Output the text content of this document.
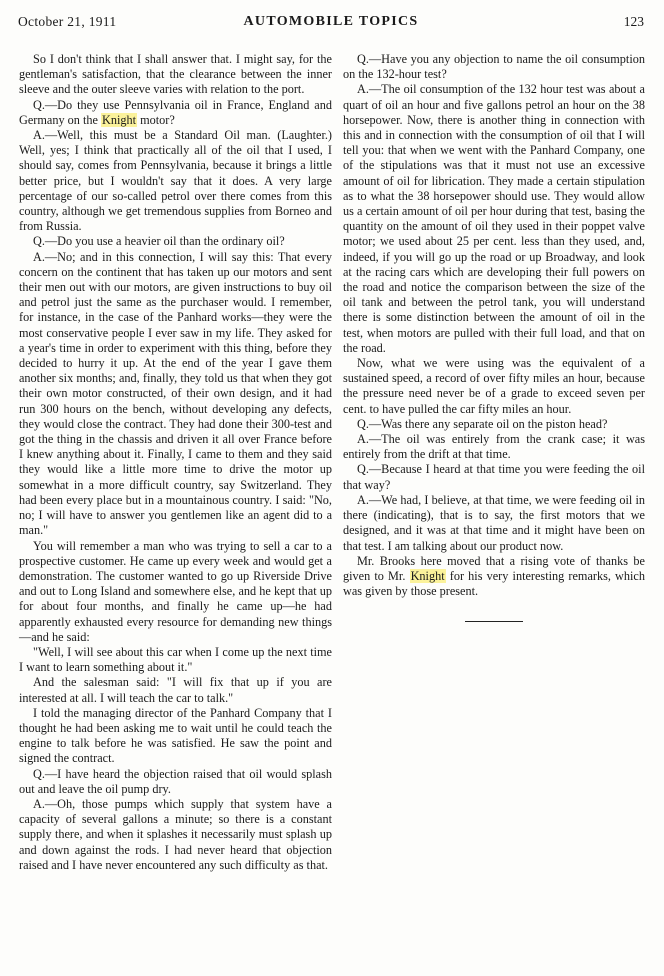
October 21, 1911	AUTOMOBILE TOPICS	123

So I don't think that I shall answer that. I might say, for the gentleman's satisfaction, that the clearance between the inner sleeve and the outer sleeve varies with relation to the port.

Q.—Do they use Pennsylvania oil in France, England and Germany on the Knight motor?

A.—Well, this must be a Standard Oil man. (Laughter.) Well, yes; I think that practically all of the oil that I used, I should say, comes from Pennsylvania, because it brings a little better price, but I wouldn't say that it does. A very large percentage of our so-called petrol over there comes from this country, although we get tremendous supplies from Borneo and from Russia.

Q.—Do you use a heavier oil than the ordinary oil?

A.—No; and in this connection, I will say this: That every concern on the continent that has taken up our motors and sent their men out with our motors, are given instructions to buy oil and petrol just the same as the purchaser would. I remember, for instance, in the case of the Panhard works—they were the most conservative people I ever saw in my life. They asked for a year's time in order to experiment with this thing, before they decided to hurry it up. At the end of the year I gave them another six months; and, finally, they told us that when they got their own motor constructed, of their own design, and it had run 300 hours on the bench, without developing any defects, they would close the contract. They had done their 300-test and got the thing in the chassis and driven it all over France before I knew anything about it. Finally, I came to them and they said they would like a little more time to drive the motor up somewhat in a more difficult country, say Switzerland. They had been every place but in a mountainous country. I said: "No, no; I will have to answer you gentlemen like an agent did to a man."

You will remember a man who was trying to sell a car to a prospective customer. He came up every week and would get a demonstration. The customer wanted to go up Riverside Drive and out to Long Island and somewhere else, and he kept that up for about four months, and finally he came up—he had apparently exhausted every resource for demanding new things—and he said:

"Well, I will see about this car when I come up the next time I want to learn something about it."

And the salesman said: "I will fix that up if you are interested at all. I will teach the car to talk."

I told the managing director of the Panhard Company that I thought he had been asking me to wait until he could teach the engine to talk before he was satisfied. He saw the point and signed the contract.

Q.—I have heard the objection raised that oil would splash out and leave the oil pump dry.

A.—Oh, those pumps which supply that system have a capacity of several gallons a minute; so there is a constant supply there, and when it splashes it necessarily must splash up and down against the rods. I had never heard that objection raised and I have never encountered any such difficulty as that.

Q.—Have you any objection to name the oil consumption on the 132-hour test?

A.—The oil consumption of the 132 hour test was about a quart of oil an hour and five gallons petrol an hour on the 38 horsepower. Now, there is another thing in connection with this and in connection with the consumption of oil that I will tell you: that when we went with the Panhard Company, one of the stipulations was that it must not use an excessive amount of oil for librication. They made a certain stipulation as to what the 38 horsepower should use. They would allow us a certain amount of oil per hour during that test, basing the quantity on the amount of oil they used in their poppet valve motor; we used about 25 per cent. less than they used, and, indeed, if you will go up the road or up Broadway, and look at the racing cars which are developing their full powers on the road and notice the comparison between the size of the oil tank and between the petrol tank, you will understand there is some distinction between the amount of oil in the test, when motors are pulled with their full load, and that on the road.

Now, what we were using was the equivalent of a sustained speed, a record of over fifty miles an hour, because the pressure need never be of a grade to exceed seven per cent. to have pulled the car fifty miles an hour.

Q.—Was there any separate oil on the piston head?

A.—The oil was entirely from the crank case; it was entirely from the drift at that time.

Q.—Because I heard at that time you were feeding the oil that way?

A.—We had, I believe, at that time, we were feeding oil in there (indicating), that is to say, the first motors that we designed, and it was at that time and it might have been on that test. I am talking about our product now.

Mr. Brooks here moved that a rising vote of thanks be given to Mr. Knight for his very interesting remarks, which was given by those present.
